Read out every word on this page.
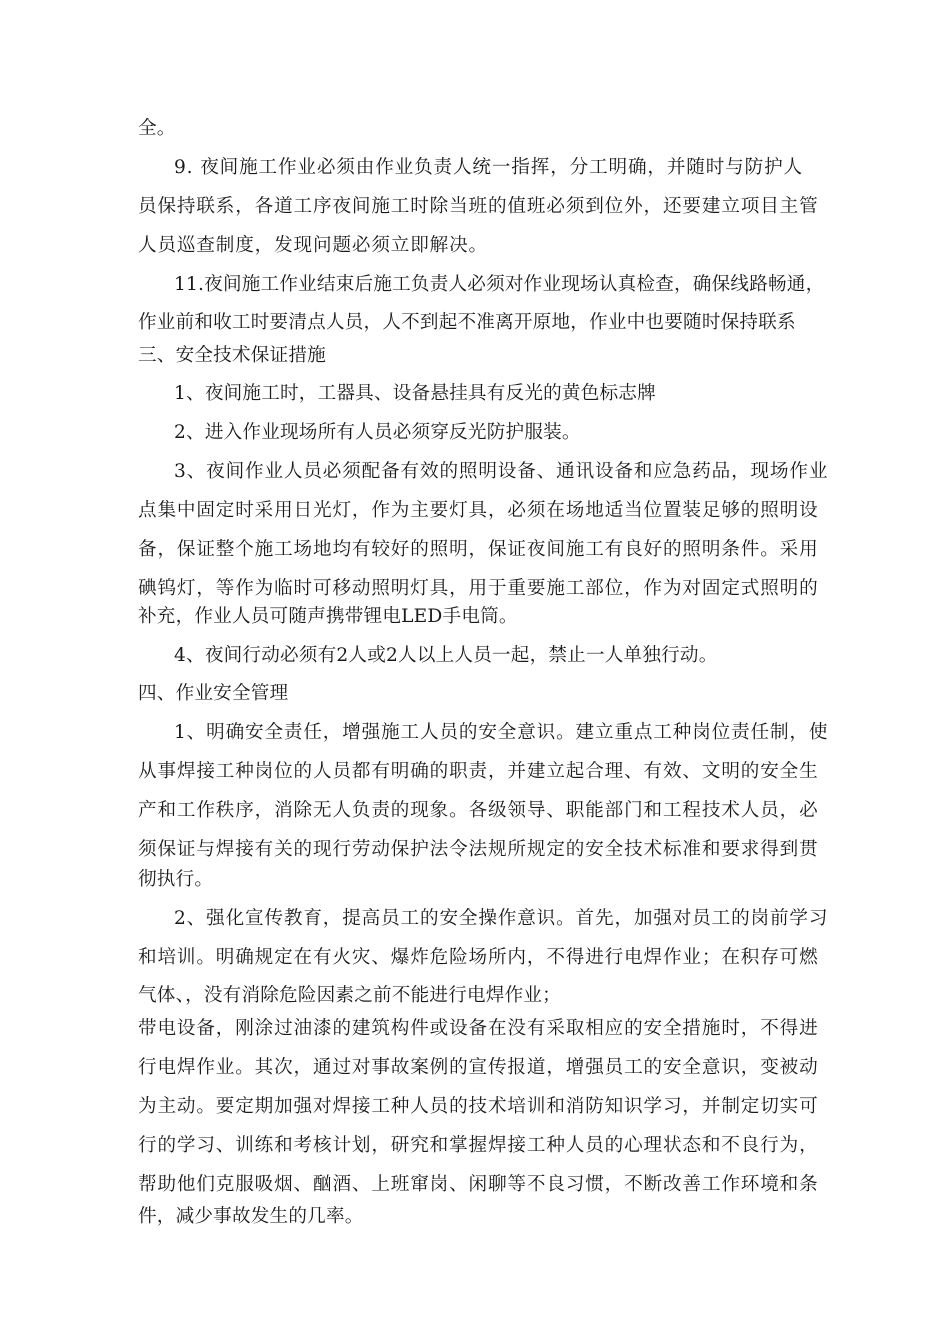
全。
9. 夜间施工作业必须由作业负责人统一指挥，分工明确，并随时与防护人
员保持联系，各道工序夜间施工时除当班的值班必须到位外，还要建立项目主管
人员巡查制度，发现问题必须立即解决。
11.夜间施工作业结束后施工负责人必须对作业现场认真检查，确保线路畅通，
作业前和收工时要清点人员，人不到起不准离开原地，作业中也要随时保持联系
三、安全技术保证措施
1、夜间施工时，工器具、设备悬挂具有反光的黄色标志牌
2、进入作业现场所有人员必须穿反光防护服装。
3、夜间作业人员必须配备有效的照明设备、通讯设备和应急药品，现场作业
点集中固定时采用日光灯，作为主要灯具，必须在场地适当位置装足够的照明设
备，保证整个施工场地均有较好的照明，保证夜间施工有良好的照明条件。采用
碘钨灯，等作为临时可移动照明灯具，用于重要施工部位，作为对固定式照明的
补充，作业人员可随声携带锂电LED手电筒。
4、夜间行动必须有2人或2人以上人员一起，禁止一人单独行动。
四、作业安全管理
1、明确安全责任，增强施工人员的安全意识。建立重点工种岗位责任制，使
从事焊接工种岗位的人员都有明确的职责，并建立起合理、有效、文明的安全生
产和工作秩序，消除无人负责的现象。各级领导、职能部门和工程技术人员，必
须保证与焊接有关的现行劳动保护法令法规所规定的安全技术标准和要求得到贯
彻执行。
2、强化宣传教育，提高员工的安全操作意识。首先，加强对员工的岗前学习
和培训。明确规定在有火灾、爆炸危险场所内，不得进行电焊作业；在积存可燃
气体、，没有消除危险因素之前不能进行电焊作业；
带电设备，刚涂过油漆的建筑构件或设备在没有采取相应的安全措施时，不得进
行电焊作业。其次，通过对事故案例的宣传报道，增强员工的安全意识，变被动
为主动。要定期加强对焊接工种人员的技术培训和消防知识学习，并制定切实可
行的学习、训练和考核计划，研究和掌握焊接工种人员的心理状态和不良行为，
帮助他们克服吸烟、酗酒、上班窜岗、闲聊等不良习惯，不断改善工作环境和条
件，减少事故发生的几率。
